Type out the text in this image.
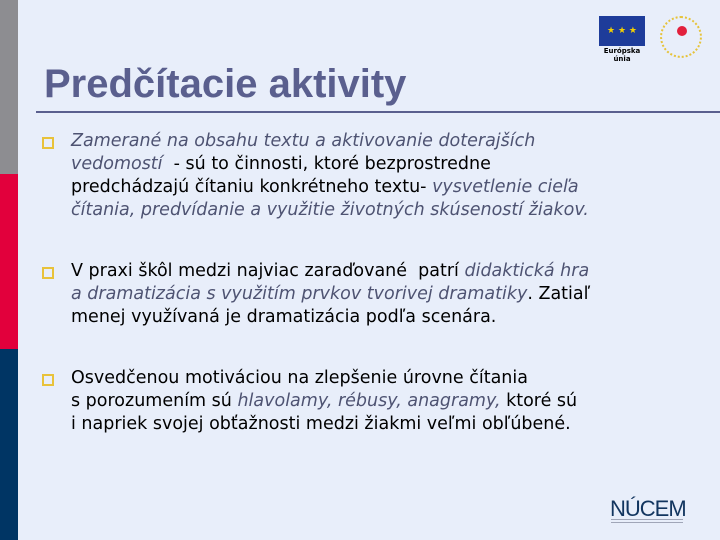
★ ★ ★
Európska únia
Predčítacie aktivity
Zamerané na obsahu textu a aktivovanie doterajších
vedomostí  - sú to činnosti, ktoré bezprostredne
predchádzajú čítaniu konkrétneho textu- vysvetlenie cieľa
čítania, predvídanie a využitie životných skúseností žiakov.
V praxi škôl medzi najviac zaraďované  patrí didaktická hra
a dramatizácia s využitím prvkov tvorivej dramatiky. Zatiaľ
menej využívaná je dramatizácia podľa scenára.
Osvedčenou motiváciou na zlepšenie úrovne čítania
s porozumením sú hlavolamy, rébusy, anagramy, ktoré sú
i napriek svojej obťažnosti medzi žiakmi veľmi obľúbené.
NÚCEM
